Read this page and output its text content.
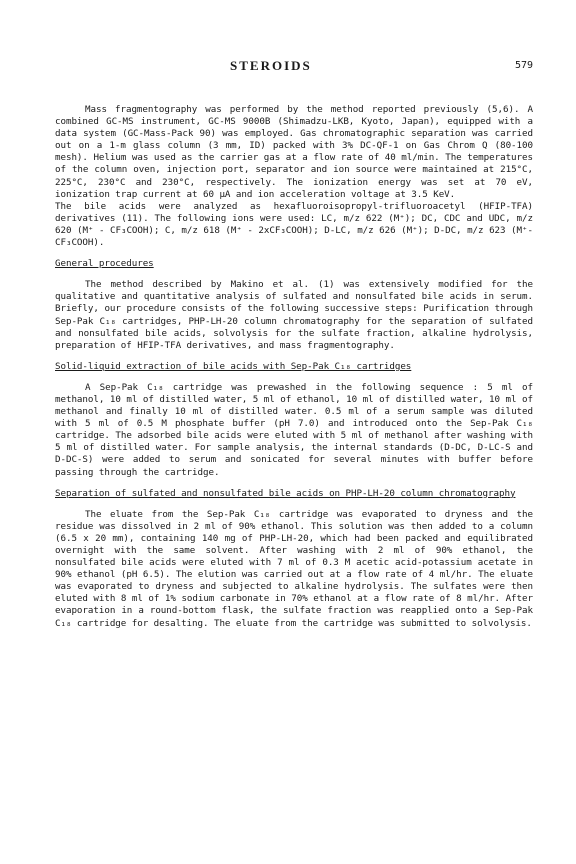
STEROIDS	579

Mass fragmentography was performed by the method reported previously (5,6). A combined GC-MS instrument, GC-MS 9000B (Shimadzu-LKB, Kyoto, Japan), equipped with a data system (GC-Mass-Pack 90) was employed. Gas chromatographic separation was carried out on a 1-m glass column (3 mm, ID) packed with 3% DC-QF-1 on Gas Chrom Q (80-100 mesh). Helium was used as the carrier gas at a flow rate of 40 ml/min. The temperatures of the column oven, injection port, separator and ion source were maintained at 215°C, 225°C, 230°C and 230°C, respectively. The ionization energy was set at 70 eV, ionization trap current at 60 µA and ion acceleration voltage at 3.5 KeV.

The bile acids were analyzed as hexafluoroisopropyl-trifluoroacetyl (HFIP-TFA) derivatives (11). The following ions were used: LC, m/z 622 (M⁺); DC, CDC and UDC, m/z 620 (M⁺ - CF₃COOH); C, m/z 618 (M⁺ - 2xCF₃COOH); D-LC, m/z 626 (M⁺); D-DC, m/z 623 (M⁺-CF₃COOH).

General procedures

The method described by Makino et al. (1) was extensively modified for the qualitative and quantitative analysis of sulfated and nonsulfated bile acids in serum. Briefly, our procedure consists of the following successive steps: Purification through Sep-Pak C₁₈ cartridges, PHP-LH-20 column chromatography for the separation of sulfated and nonsulfated bile acids, solvolysis for the sulfate fraction, alkaline hydrolysis, preparation of HFIP-TFA derivatives, and mass fragmentography.

Solid-liquid extraction of bile acids with Sep-Pak C₁₈ cartridges

A Sep-Pak C₁₈ cartridge was prewashed in the following sequence : 5 ml of methanol, 10 ml of distilled water, 5 ml of ethanol, 10 ml of distilled water, 10 ml of methanol and finally 10 ml of distilled water. 0.5 ml of a serum sample was diluted with 5 ml of 0.5 M phosphate buffer (pH 7.0) and introduced onto the Sep-Pak C₁₈ cartridge. The adsorbed bile acids were eluted with 5 ml of methanol after washing with 5 ml of distilled water. For sample analysis, the internal standards (D-DC, D-LC-S and D-DC-S) were added to serum and sonicated for several minutes with buffer before passing through the cartridge.

Separation of sulfated and nonsulfated bile acids on PHP-LH-20 column chromatography

The eluate from the Sep-Pak C₁₈ cartridge was evaporated to dryness and the residue was dissolved in 2 ml of 90% ethanol. This solution was then added to a column (6.5 x 20 mm), containing 140 mg of PHP-LH-20, which had been packed and equilibrated overnight with the same solvent. After washing with 2 ml of 90% ethanol, the nonsulfated bile acids were eluted with 7 ml of 0.3 M acetic acid-potassium acetate in 90% ethanol (pH 6.5). The elution was carried out at a flow rate of 4 ml/hr. The eluate was evaporated to dryness and subjected to alkaline hydrolysis. The sulfates were then eluted with 8 ml of 1% sodium carbonate in 70% ethanol at a flow rate of 8 ml/hr. After evaporation in a round-bottom flask, the sulfate fraction was reapplied onto a Sep-Pak C₁₈ cartridge for desalting. The eluate from the cartridge was submitted to solvolysis.
